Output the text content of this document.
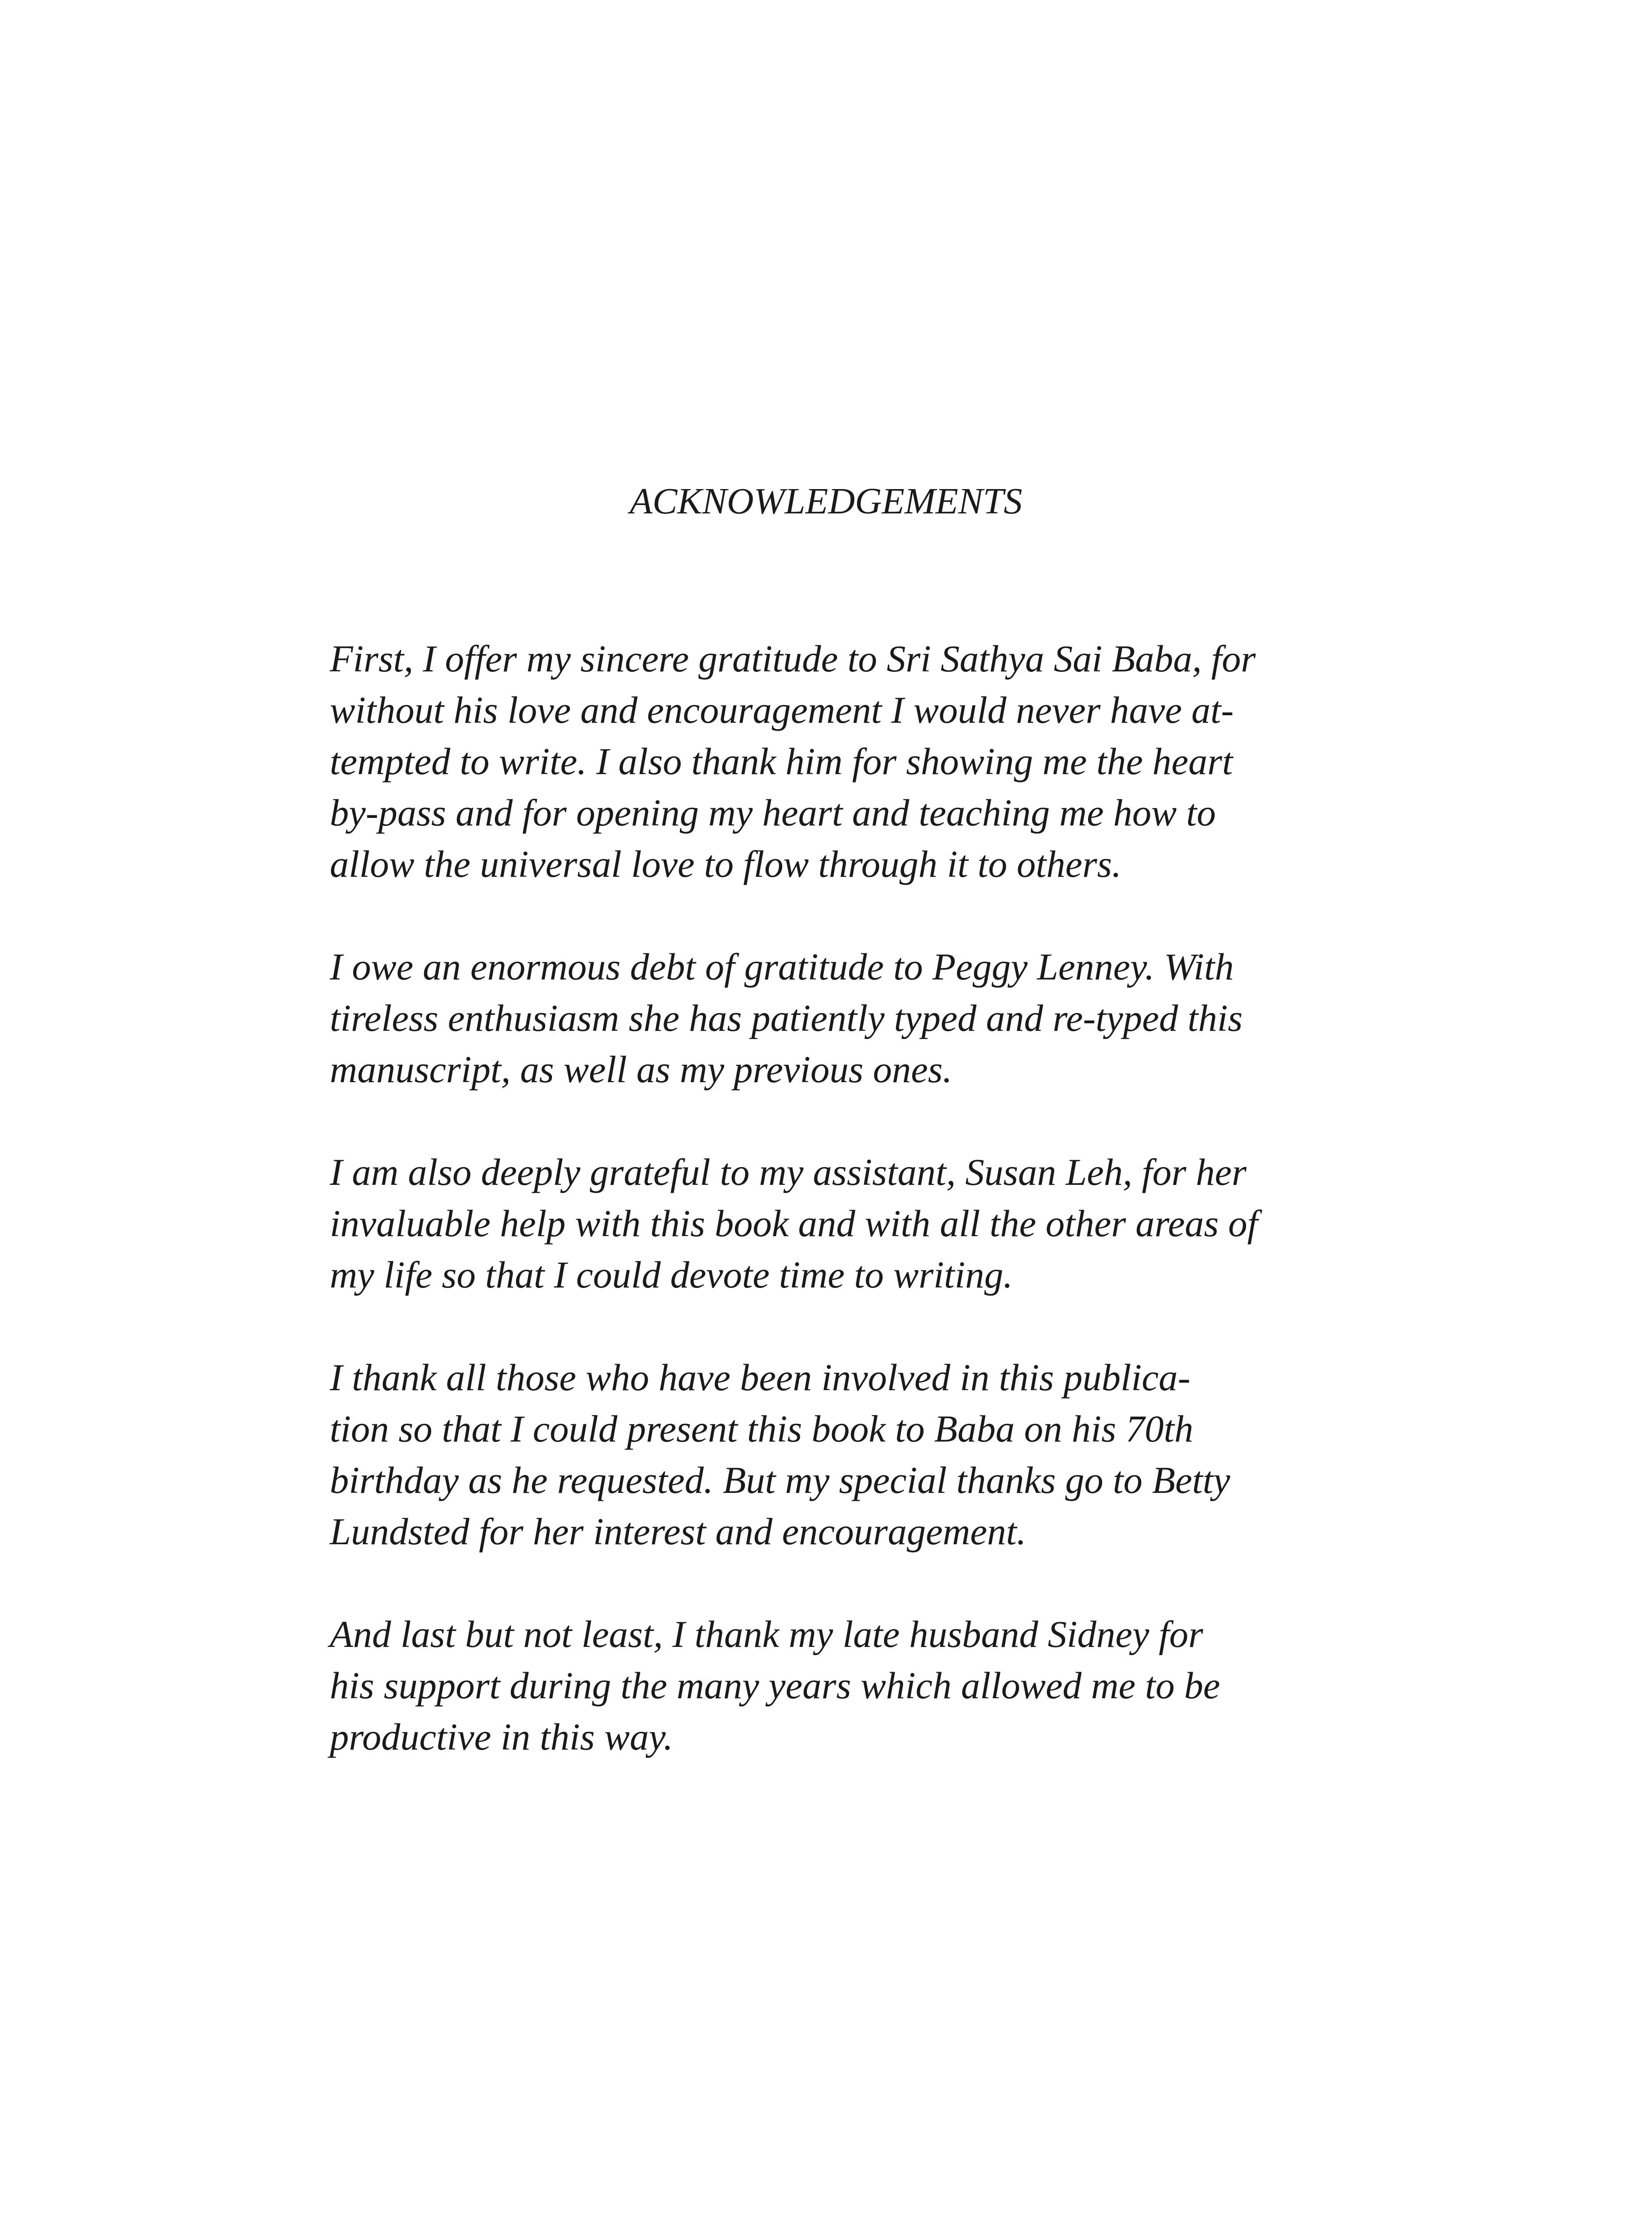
ACKNOWLEDGEMENTS

First, I offer my sincere gratitude to Sri Sathya Sai Baba, for
without his love and encouragement I would never have at-
tempted to write. I also thank him for showing me the heart
by-pass and for opening my heart and teaching me how to
allow the universal love to flow through it to others.

I owe an enormous debt of gratitude to Peggy Lenney. With
tireless enthusiasm she has patiently typed and re-typed this
manuscript, as well as my previous ones.

I am also deeply grateful to my assistant, Susan Leh, for her
invaluable help with this book and with all the other areas of
my life so that I could devote time to writing.

I thank all those who have been involved in this publica-
tion so that I could present this book to Baba on his 70th
birthday as he requested. But my special thanks go to Betty
Lundsted for her interest and encouragement.

And last but not least, I thank my late husband Sidney for
his support during the many years which allowed me to be
productive in this way.
